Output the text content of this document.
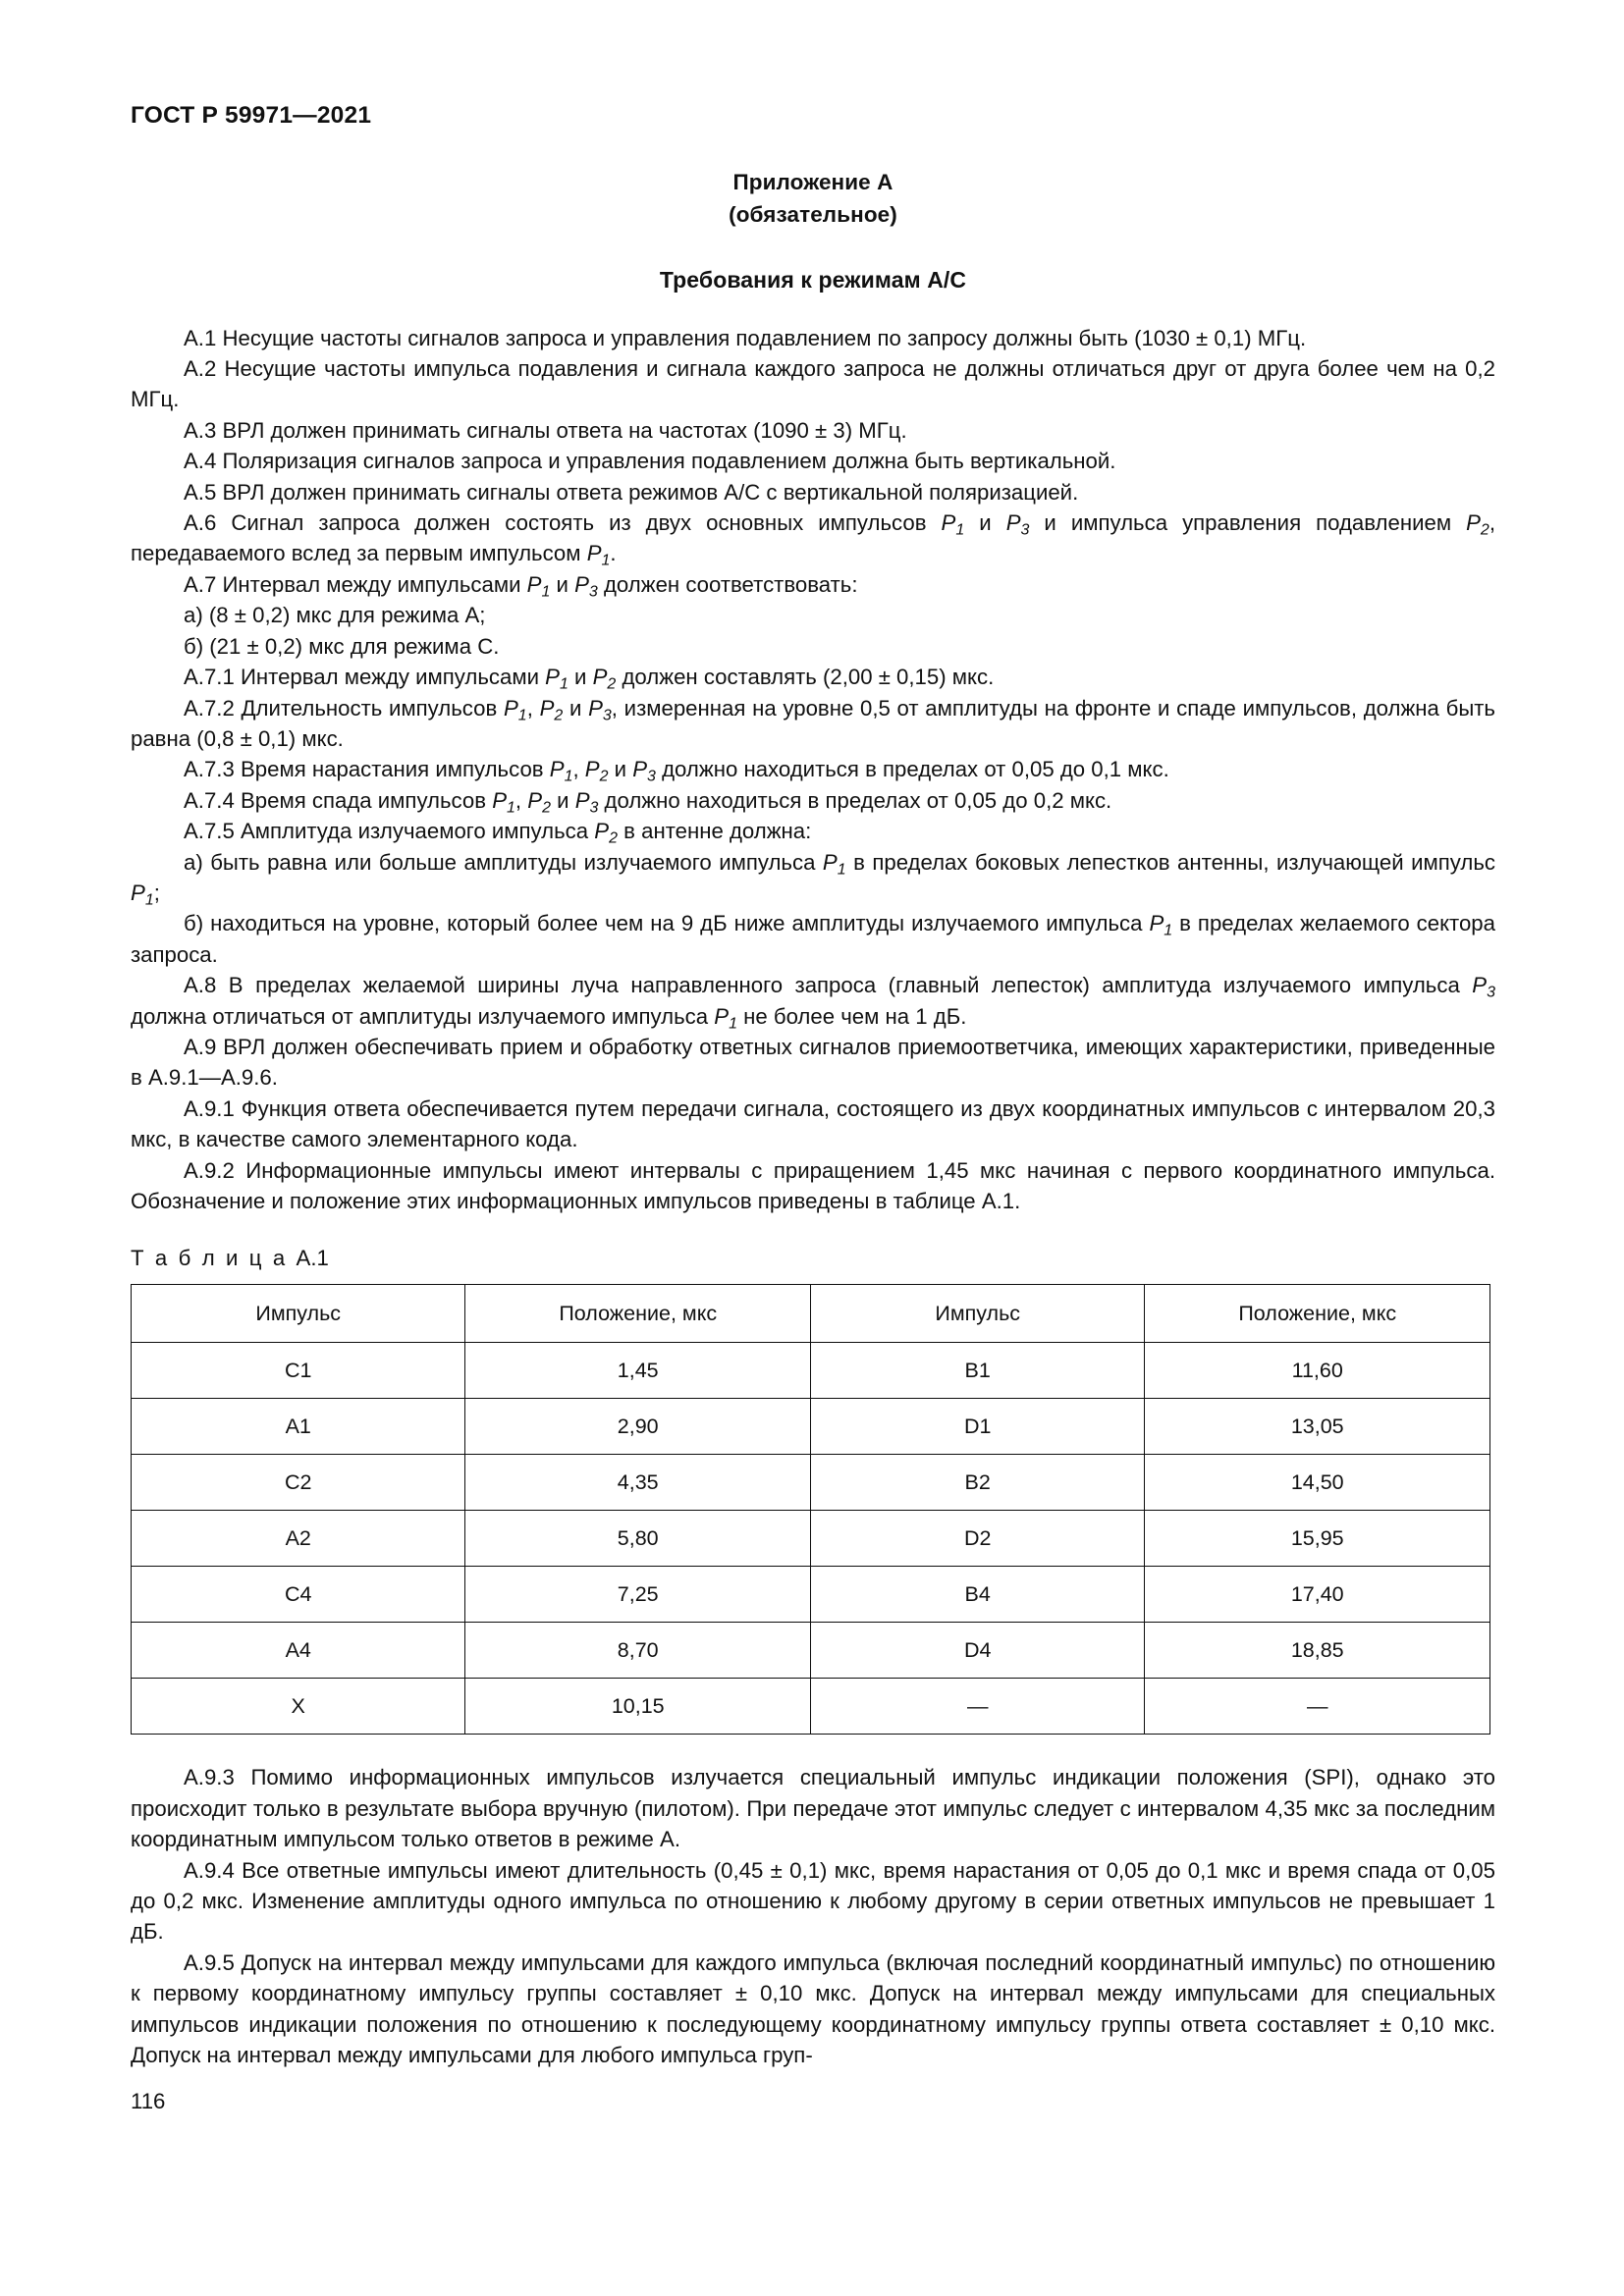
ГОСТ Р 59971—2021
Приложение А
(обязательное)
Требования к режимам A/C

А.1 Несущие частоты сигналов запроса и управления подавлением по запросу должны быть (1030 ± 0,1) МГц.

А.2 Несущие частоты импульса подавления и сигнала каждого запроса не должны отличаться друг от друга более чем на 0,2 МГц.

А.3 ВРЛ должен принимать сигналы ответа на частотах (1090 ± 3) МГц.

А.4 Поляризация сигналов запроса и управления подавлением должна быть вертикальной.

А.5 ВРЛ должен принимать сигналы ответа режимов A/C с вертикальной поляризацией.

А.6 Сигнал запроса должен состоять из двух основных импульсов $P_1$ и $P_3$ и импульса управления подавлением $P_2$, передаваемого вслед за первым импульсом $P_1$.

А.7 Интервал между импульсами $P_1$ и $P_3$ должен соответствовать:

а) (8 ± 0,2) мкс для режима А;

б) (21 ± 0,2) мкс для режима С.

А.7.1 Интервал между импульсами $P_1$ и $P_2$ должен составлять (2,00 ± 0,15) мкс.

А.7.2 Длительность импульсов $P_1$, $P_2$ и $P_3$, измеренная на уровне 0,5 от амплитуды на фронте и спаде импульсов, должна быть равна (0,8 ± 0,1) мкс.

А.7.3 Время нарастания импульсов $P_1$, $P_2$ и $P_3$ должно находиться в пределах от 0,05 до 0,1 мкс.

А.7.4 Время спада импульсов $P_1$, $P_2$ и $P_3$ должно находиться в пределах от 0,05 до 0,2 мкс.

А.7.5 Амплитуда излучаемого импульса $P_2$ в антенне должна:

а) быть равна или больше амплитуды излучаемого импульса $P_1$ в пределах боковых лепестков антенны, излучающей импульс $P_1$;

б) находиться на уровне, который более чем на 9 дБ ниже амплитуды излучаемого импульса $P_1$ в пределах желаемого сектора запроса.

А.8 В пределах желаемой ширины луча направленного запроса (главный лепесток) амплитуда излучаемого импульса $P_3$ должна отличаться от амплитуды излучаемого импульса $P_1$ не более чем на 1 дБ.

А.9 ВРЛ должен обеспечивать прием и обработку ответных сигналов приемоответчика, имеющих характеристики, приведенные в А.9.1—А.9.6.

А.9.1 Функция ответа обеспечивается путем передачи сигнала, состоящего из двух координатных импульсов с интервалом 20,3 мкс, в качестве самого элементарного кода.

А.9.2 Информационные импульсы имеют интервалы с приращением 1,45 мкс начиная с первого координатного импульса. Обозначение и положение этих информационных импульсов приведены в таблице А.1.

Т а б л и ц а А.1
Импульс	Положение, мкс	Импульс	Положение, мкс
C1	1,45	B1	11,60
A1	2,90	D1	13,05
C2	4,35	B2	14,50
A2	5,80	D2	15,95
C4	7,25	B4	17,40
A4	8,70	D4	18,85
X	10,15	—	—

А.9.3 Помимо информационных импульсов излучается специальный импульс индикации положения (SPI), однако это происходит только в результате выбора вручную (пилотом). При передаче этот импульс следует с интервалом 4,35 мкс за последним координатным импульсом только ответов в режиме А.

А.9.4 Все ответные импульсы имеют длительность (0,45 ± 0,1) мкс, время нарастания от 0,05 до 0,1 мкс и время спада от 0,05 до 0,2 мкс. Изменение амплитуды одного импульса по отношению к любому другому в серии ответных импульсов не превышает 1 дБ.

А.9.5 Допуск на интервал между импульсами для каждого импульса (включая последний координатный импульс) по отношению к первому координатному импульсу группы составляет ± 0,10 мкс. Допуск на интервал между импульсами для специальных импульсов индикации положения по отношению к последующему координатному импульсу группы ответа составляет ± 0,10 мкс. Допуск на интервал между импульсами для любого импульса груп-

116
